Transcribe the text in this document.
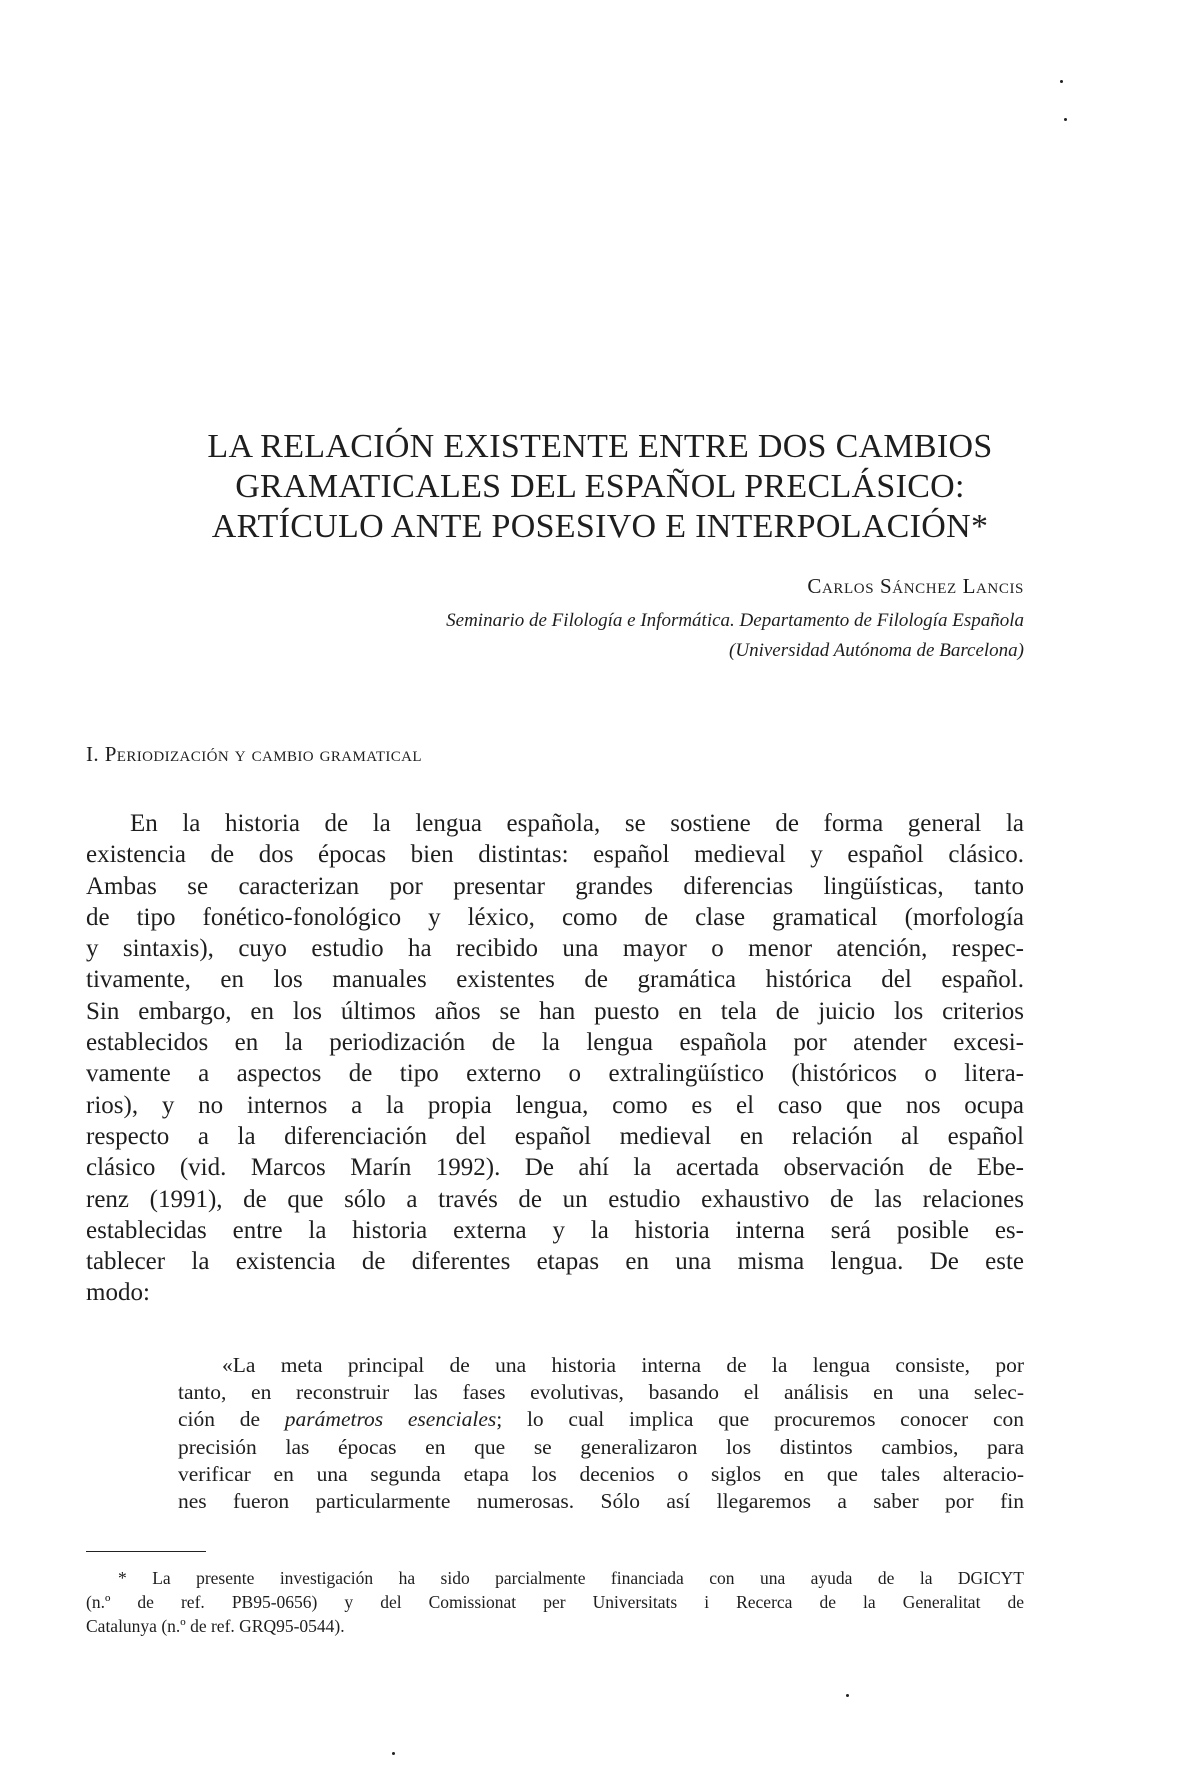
LA RELACIÓN EXISTENTE ENTRE DOS CAMBIOS
GRAMATICALES DEL ESPAÑOL PRECLÁSICO:
ARTÍCULO ANTE POSESIVO E INTERPOLACIÓN*

Carlos Sánchez Lancis

Seminario de Filología e Informática. Departamento de Filología Española
(Universidad Autónoma de Barcelona)

I. Periodización y cambio gramatical

En la historia de la lengua española, se sostiene de forma general la
existencia de dos épocas bien distintas: español medieval y español clásico.
Ambas se caracterizan por presentar grandes diferencias lingüísticas, tanto
de tipo fonético-fonológico y léxico, como de clase gramatical (morfología
y sintaxis), cuyo estudio ha recibido una mayor o menor atención, respec-
tivamente, en los manuales existentes de gramática histórica del español.
Sin embargo, en los últimos años se han puesto en tela de juicio los criterios
establecidos en la periodización de la lengua española por atender excesi-
vamente a aspectos de tipo externo o extralingüístico (históricos o litera-
rios), y no internos a la propia lengua, como es el caso que nos ocupa
respecto a la diferenciación del español medieval en relación al español
clásico (vid. Marcos Marín 1992). De ahí la acertada observación de Ebe-
renz (1991), de que sólo a través de un estudio exhaustivo de las relaciones
establecidas entre la historia externa y la historia interna será posible es-
tablecer la existencia de diferentes etapas en una misma lengua. De este
modo:

«La meta principal de una historia interna de la lengua consiste, por
tanto, en reconstruir las fases evolutivas, basando el análisis en una selec-
ción de parámetros esenciales; lo cual implica que procuremos conocer con
precisión las épocas en que se generalizaron los distintos cambios, para
verificar en una segunda etapa los decenios o siglos en que tales alteracio-
nes fueron particularmente numerosas. Sólo así llegaremos a saber por fin

* La presente investigación ha sido parcialmente financiada con una ayuda de la DGICYT
(n.º de ref. PB95-0656) y del Comissionat per Universitats i Recerca de la Generalitat de
Catalunya (n.º de ref. GRQ95-0544).
